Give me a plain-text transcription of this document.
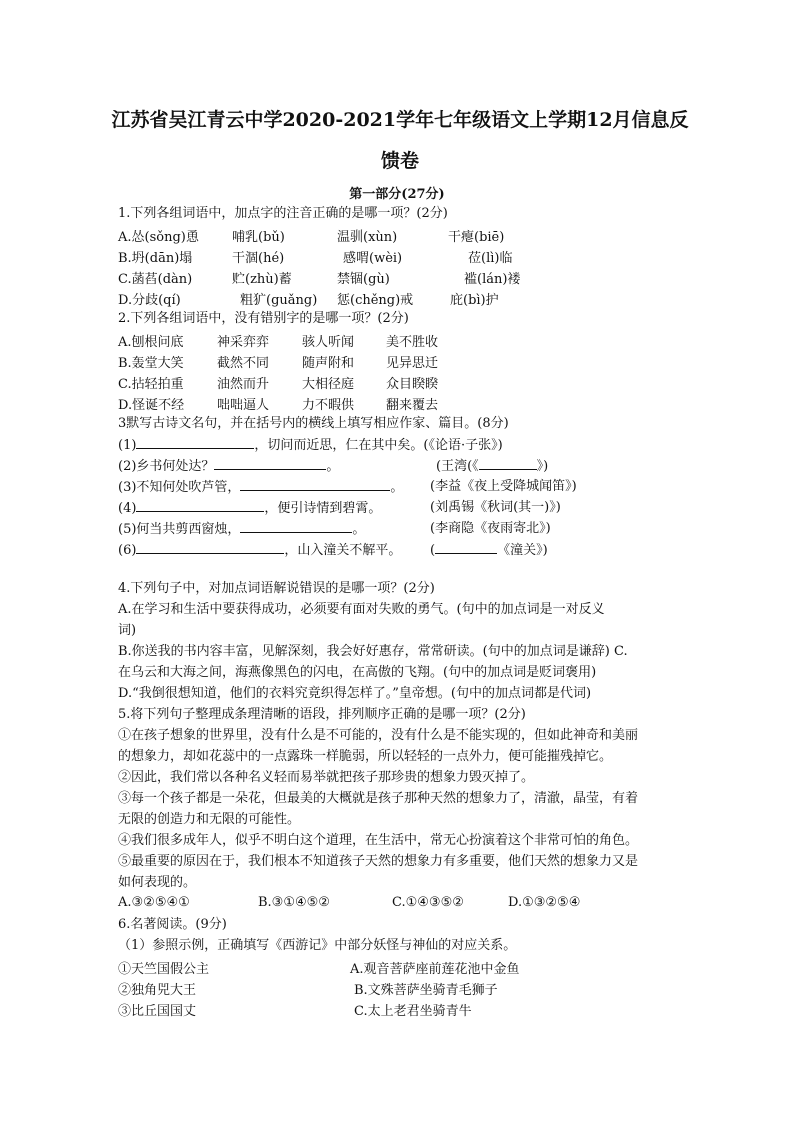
江苏省吴江青云中学2020-2021学年七年级语文上学期12月信息反
馈卷
第一部分(27分)
1.下列各组词语中，加点字的注音正确的是哪一项？(2分)
A.怂(sǒng)恿	哺乳(bǔ)	温驯(xùn)	干瘪(biē)
B.坍(dān)塌	干涸(hé)	感喟(wèi)	莅(lì)临
C.菡萏(dàn)	贮(zhù)蓄	禁锢(gù)	褴(lán)褛
D.分歧(qí)	粗犷(guǎng) 惩(chěng)戒	庇(bì)护
2.下列各组词语中，没有错别字的是哪一项？(2分)
A.刨根问底	神采弈弈	骇人听闻 美不胜收
B.轰堂大笑	截然不同	随声附和 见异思迁
C.拈轻拍重	油然而升	大相径庭 众目睽睽
D.怪诞不经	咄咄逼人	力不暇供 翻来覆去
3默写古诗文名句，并在括号内的横线上填写相应作家、篇目。(8分)
(1)	，切问而近思，仁在其中矣。(《论语·子张》)
(2)乡书何处达？	。	(王湾(《	》)
(3)不知何处吹芦管，	。 (李益《夜上受降城闻笛》)
(4)	，便引诗情到碧霄。	(刘禹锡《秋词(其一)》)
(5)何当共剪西窗烛，	。	(李商隐《夜雨寄北》)
(6)	，山入潼关不解平。 (	《潼关》)
4.下列句子中，对加点词语解说错误的是哪一项？(2分)
A.在学习和生活中要获得成功，必须要有面对失败的勇气。(句中的加点词是一对反义
词)
B.你送我的书内容丰富，见解深刻，我会好好惠存，常常研读。(句中的加点词是谦辞) C.
在乌云和大海之间，海燕像黑色的闪电，在高傲的飞翔。(句中的加点词是贬词褒用)
D.“我倒很想知道，他们的衣料究竟织得怎样了。”皇帝想。(句中的加点词都是代词)
5.将下列句子整理成条理清晰的语段，排列顺序正确的是哪一项？(2分)
①在孩子想象的世界里，没有什么是不可能的，没有什么是不能实现的，但如此神奇和美丽
的想象力，却如花蕊中的一点露珠一样脆弱，所以轻轻的一点外力，便可能摧残掉它。
②因此，我们常以各种名义轻而易举就把孩子那珍贵的想象力毁灭掉了。
③每一个孩子都是一朵花，但最美的大概就是孩子那种天然的想象力了，清澈，晶莹，有着
无限的创造力和无限的可能性。
④我们很多成年人，似乎不明白这个道理，在生活中，常无心扮演着这个非常可怕的角色。
⑤最重要的原因在于，我们根本不知道孩子天然的想象力有多重要，他们天然的想象力又是
如何表现的。
A.③②⑤④①	B.③①④⑤②	C.①④③⑤②	D.①③②⑤④
6.名著阅读。(9分)
（1）参照示例，正确填写《西游记》中部分妖怪与神仙的对应关系。
①天竺国假公主	A.观音菩萨座前莲花池中金鱼
②独角兕大王	B.文殊菩萨坐骑青毛狮子
③比丘国国丈	C.太上老君坐骑青牛
